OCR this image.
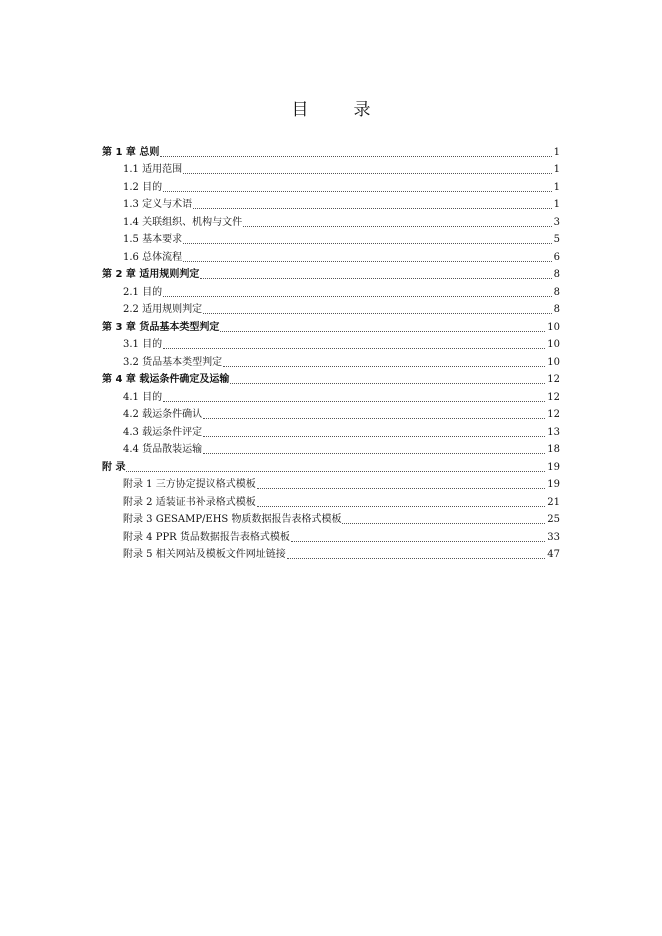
目　录
第 1 章 总则	1
1.1 适用范围	1
1.2 目的	1
1.3 定义与术语	1
1.4 关联组织、机构与文件	3
1.5 基本要求	5
1.6 总体流程	6
第 2 章 适用规则判定	8
2.1 目的	8
2.2 适用规则判定	8
第 3 章 货品基本类型判定	10
3.1 目的	10
3.2 货品基本类型判定	10
第 4 章 载运条件确定及运输	12
4.1 目的	12
4.2 载运条件确认	12
4.3 载运条件评定	13
4.4 货品散装运输	18
附 录	19
附录 1 三方协定提议格式模板	19
附录 2 适装证书补录格式模板	21
附录 3 GESAMP/EHS 物质数据报告表格式模板	25
附录 4 PPR 货品数据报告表格式模板	33
附录 5 相关网站及模板文件网址链接	47
